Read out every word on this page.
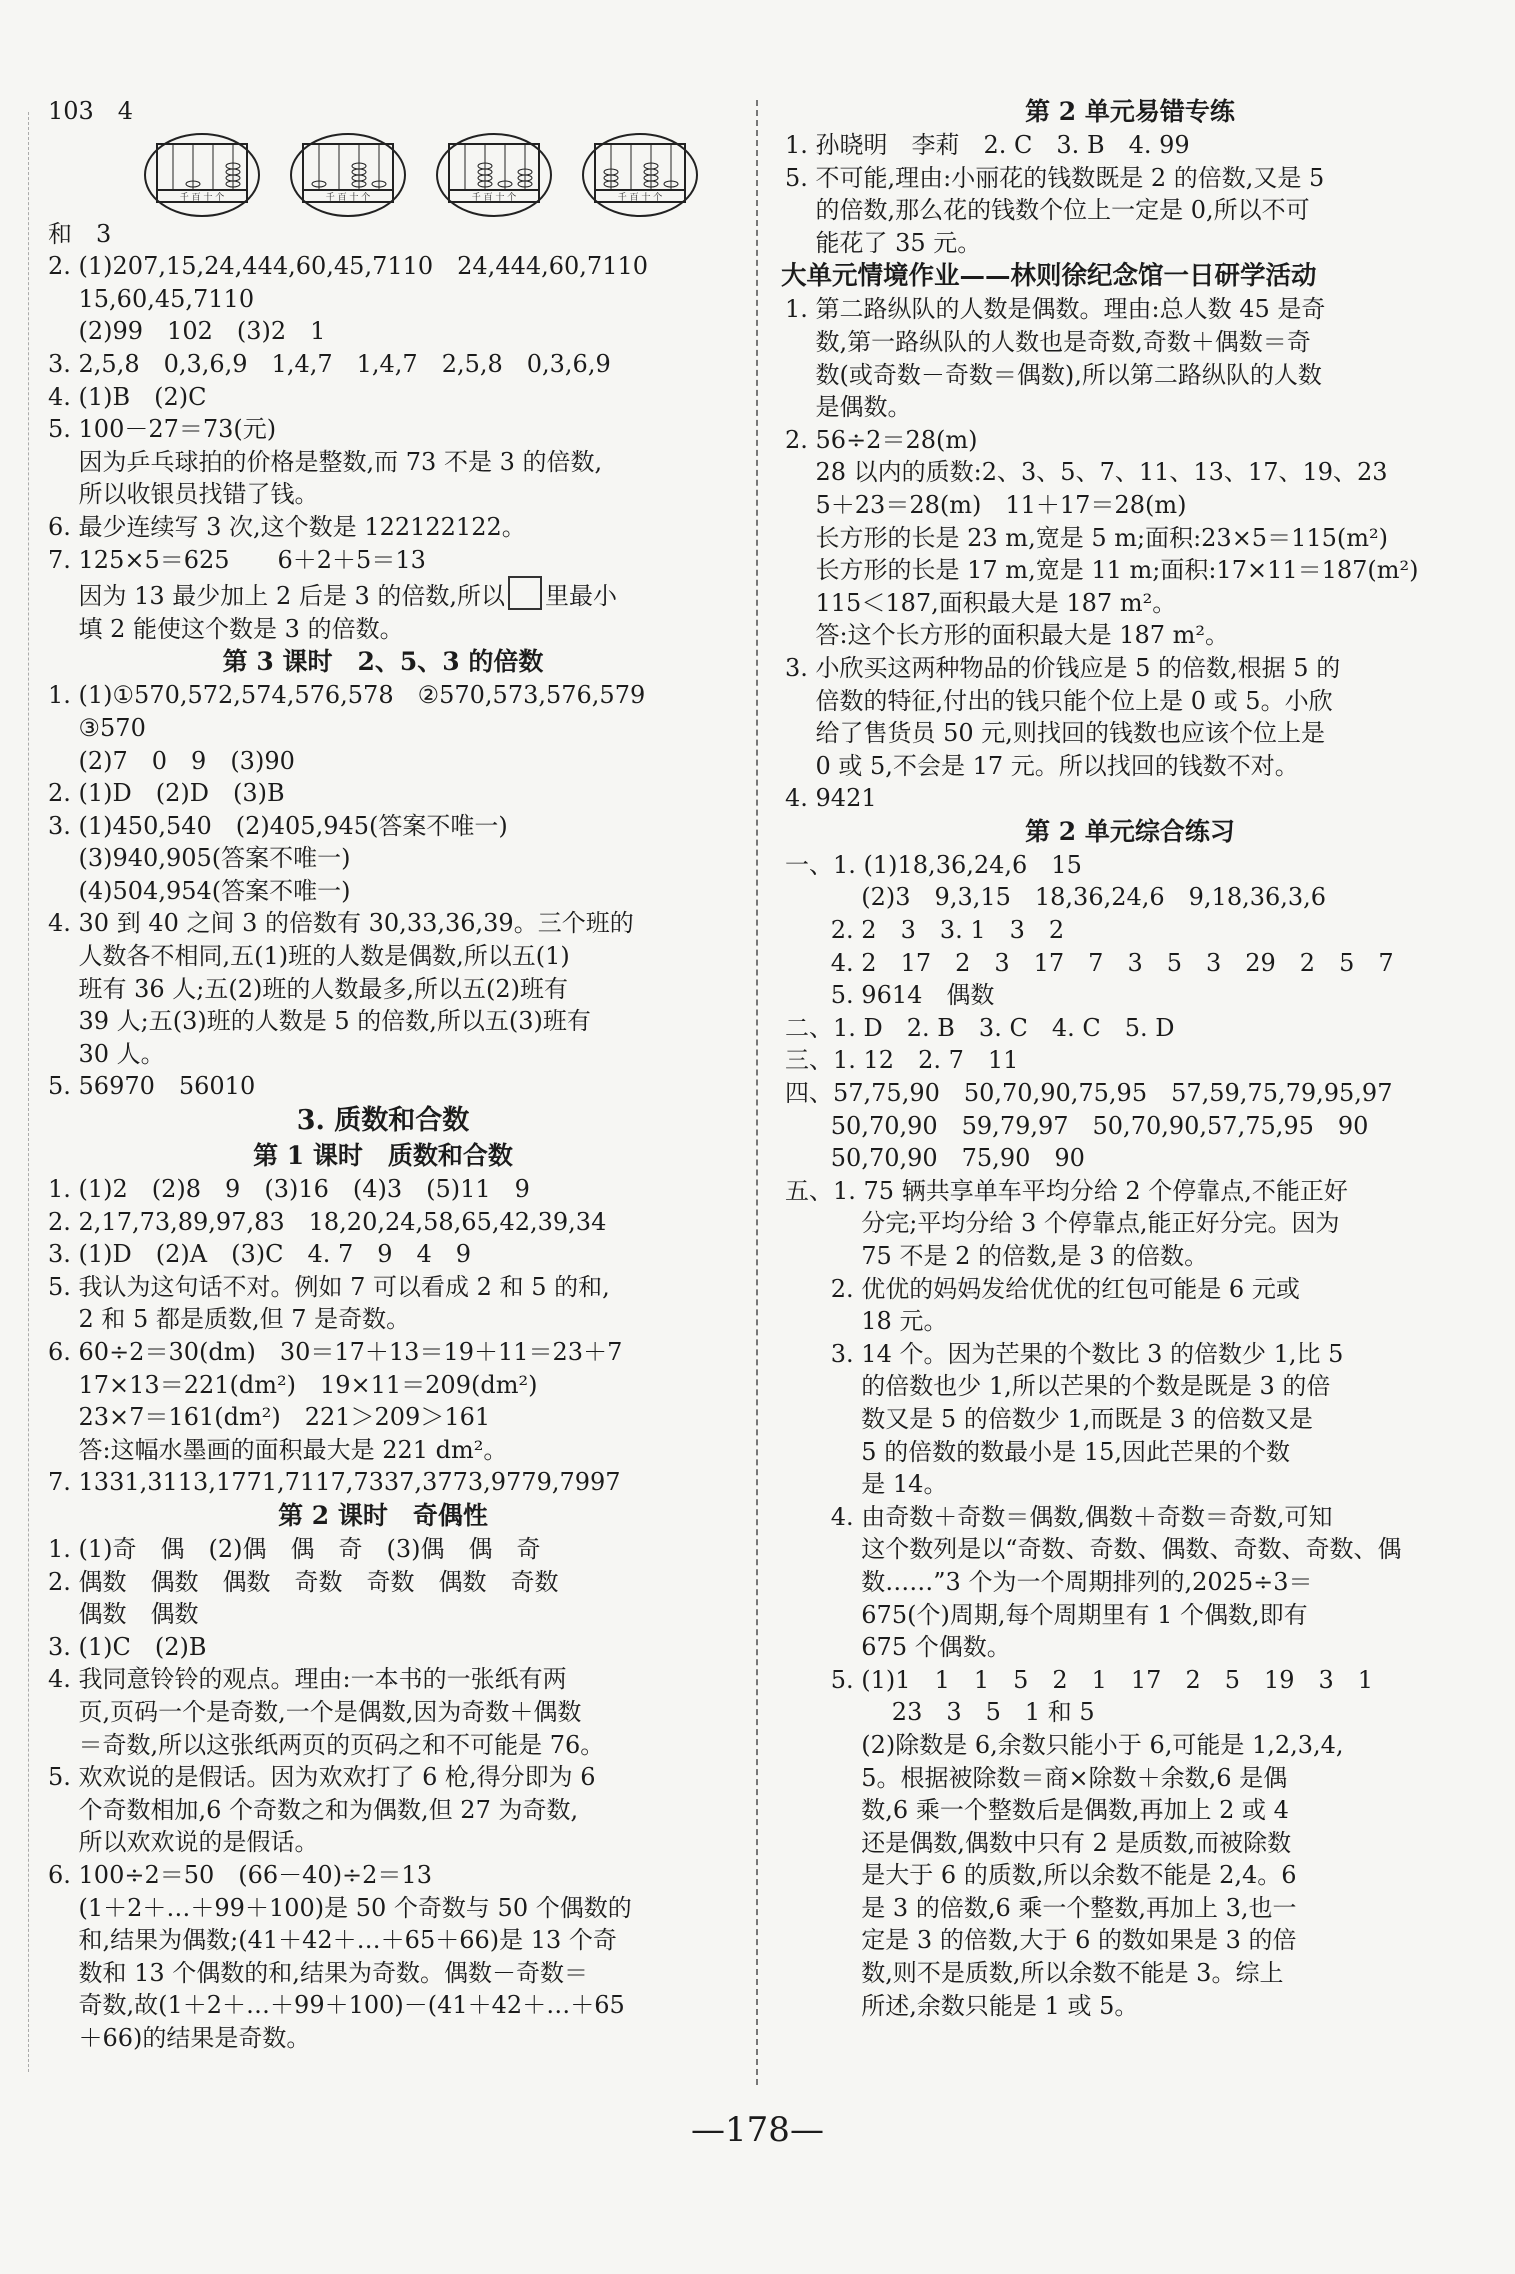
103　4
千 百 十 个	千 百 十 个	千 百 十 个	千 百 十 个
和　3
2. (1)207,15,24,444,60,45,7110　24,444,60,7110
15,60,45,7110
(2)99　102　(3)2　1
3. 2,5,8　0,3,6,9　1,4,7　1,4,7　2,5,8　0,3,6,9
4. (1)B　(2)C
5. 100－27＝73(元)
因为乒乓球拍的价格是整数,而 73 不是 3 的倍数,
所以收银员找错了钱。
6. 最少连续写 3 次,这个数是 122122122。
7. 125×5＝625　　6＋2＋5＝13
因为 13 最少加上 2 后是 3 的倍数,所以 里最小
填 2 能使这个数是 3 的倍数。
第 3 课时　2、5、3 的倍数
1. (1)①570,572,574,576,578　②570,573,576,579
③570
(2)7　0　9　(3)90
2. (1)D　(2)D　(3)B
3. (1)450,540　(2)405,945(答案不唯一)
(3)940,905(答案不唯一)
(4)504,954(答案不唯一)
4. 30 到 40 之间 3 的倍数有 30,33,36,39。三个班的
人数各不相同,五(1)班的人数是偶数,所以五(1)
班有 36 人;五(2)班的人数最多,所以五(2)班有
39 人;五(3)班的人数是 5 的倍数,所以五(3)班有
30 人。
5. 56970　56010
3. 质数和合数
第 1 课时　质数和合数
1. (1)2　(2)8　9　(3)16　(4)3　(5)11　9
2. 2,17,73,89,97,83　18,20,24,58,65,42,39,34
3. (1)D　(2)A　(3)C　4. 7　9　4　9
5. 我认为这句话不对。例如 7 可以看成 2 和 5 的和,
2 和 5 都是质数,但 7 是奇数。
6. 60÷2＝30(dm)　30＝17＋13＝19＋11＝23＋7
17×13＝221(dm²)　19×11＝209(dm²)
23×7＝161(dm²)　221＞209＞161
答:这幅水墨画的面积最大是 221 dm²。
7. 1331,3113,1771,7117,7337,3773,9779,7997
第 2 课时　奇偶性
1. (1)奇　偶　(2)偶　偶　奇　(3)偶　偶　奇
2. 偶数　偶数　偶数　奇数　奇数　偶数　奇数
偶数　偶数
3. (1)C　(2)B
4. 我同意铃铃的观点。理由:一本书的一张纸有两
页,页码一个是奇数,一个是偶数,因为奇数＋偶数
＝奇数,所以这张纸两页的页码之和不可能是 76。
5. 欢欢说的是假话。因为欢欢打了 6 枪,得分即为 6
个奇数相加,6 个奇数之和为偶数,但 27 为奇数,
所以欢欢说的是假话。
6. 100÷2＝50　(66－40)÷2＝13
(1＋2＋…＋99＋100)是 50 个奇数与 50 个偶数的
和,结果为偶数;(41＋42＋…＋65＋66)是 13 个奇
数和 13 个偶数的和,结果为奇数。偶数－奇数＝
奇数,故(1＋2＋…＋99＋100)－(41＋42＋…＋65
＋66)的结果是奇数。
第 2 单元易错专练
1. 孙晓明　李莉　2. C　3. B　4. 99
5. 不可能,理由:小丽花的钱数既是 2 的倍数,又是 5
的倍数,那么花的钱数个位上一定是 0,所以不可
能花了 35 元。
大单元情境作业——林则徐纪念馆一日研学活动
1. 第二路纵队的人数是偶数。理由:总人数 45 是奇
数,第一路纵队的人数也是奇数,奇数＋偶数＝奇
数(或奇数－奇数＝偶数),所以第二路纵队的人数
是偶数。
2. 56÷2＝28(m)
28 以内的质数:2、3、5、7、11、13、17、19、23
5＋23＝28(m)　11＋17＝28(m)
长方形的长是 23 m,宽是 5 m;面积:23×5＝115(m²)
长方形的长是 17 m,宽是 11 m;面积:17×11＝187(m²)
115＜187,面积最大是 187 m²。
答:这个长方形的面积最大是 187 m²。
3. 小欣买这两种物品的价钱应是 5 的倍数,根据 5 的
倍数的特征,付出的钱只能个位上是 0 或 5。小欣
给了售货员 50 元,则找回的钱数也应该个位上是
0 或 5,不会是 17 元。所以找回的钱数不对。
4. 9421
第 2 单元综合练习
一、1. (1)18,36,24,6　15
(2)3　9,3,15　18,36,24,6　9,18,36,3,6
2. 2　3　3. 1　3　2
4. 2　17　2　3　17　7　3　5　3　29　2　5　7
5. 9614　偶数
二、1. D　2. B　3. C　4. C　5. D
三、1. 12　2. 7　11
四、57,75,90　50,70,90,75,95　57,59,75,79,95,97
50,70,90　59,79,97　50,70,90,57,75,95　90
50,70,90　75,90　90
五、1. 75 辆共享单车平均分给 2 个停靠点,不能正好
分完;平均分给 3 个停靠点,能正好分完。因为
75 不是 2 的倍数,是 3 的倍数。
2. 优优的妈妈发给优优的红包可能是 6 元或
18 元。
3. 14 个。因为芒果的个数比 3 的倍数少 1,比 5
的倍数也少 1,所以芒果的个数是既是 3 的倍
数又是 5 的倍数少 1,而既是 3 的倍数又是
5 的倍数的数最小是 15,因此芒果的个数
是 14。
4. 由奇数＋奇数＝偶数,偶数＋奇数＝奇数,可知
这个数列是以“奇数、奇数、偶数、奇数、奇数、偶
数……”3 个为一个周期排列的,2025÷3＝
675(个)周期,每个周期里有 1 个偶数,即有
675 个偶数。
5. (1)1　1　1　5　2　1　17　2　5　19　3　1
23　3　5　1 和 5
(2)除数是 6,余数只能小于 6,可能是 1,2,3,4,
5。根据被除数＝商×除数＋余数,6 是偶
数,6 乘一个整数后是偶数,再加上 2 或 4
还是偶数,偶数中只有 2 是质数,而被除数
是大于 6 的质数,所以余数不能是 2,4。6
是 3 的倍数,6 乘一个整数,再加上 3,也一
定是 3 的倍数,大于 6 的数如果是 3 的倍
数,则不是质数,所以余数不能是 3。综上
所述,余数只能是 1 或 5。
—178—
